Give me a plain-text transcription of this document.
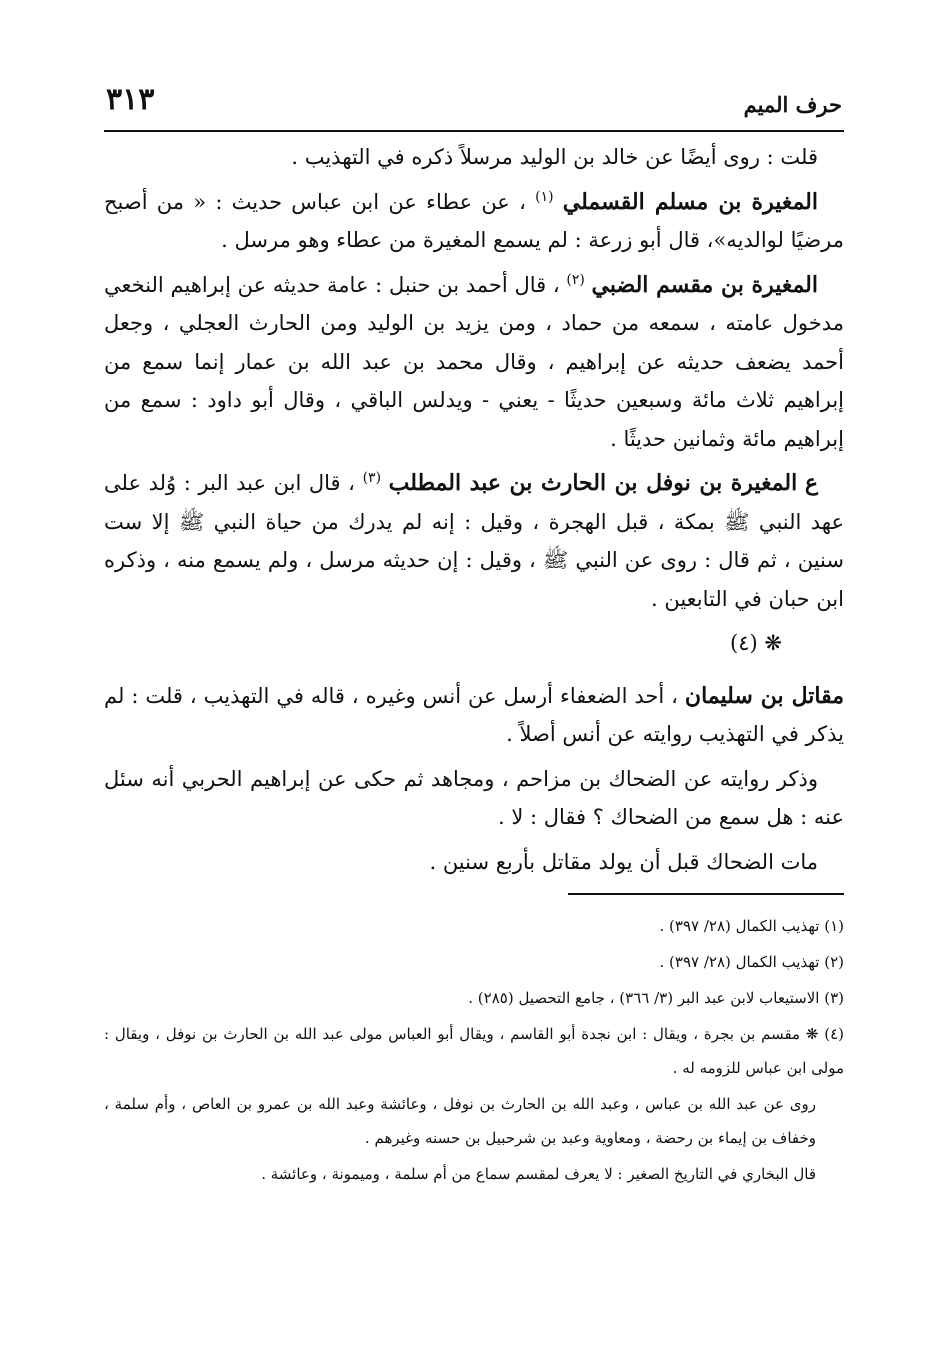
٣١٣	حرف الميم

قلت : روى أيضًا عن خالد بن الوليد مرسلاً ذكره في التهذيب .

المغيرة بن مسلم القسملي $^{(١)}$ ، عن عطاء عن ابن عباس حديث : « من أصبح مرضيًا لوالديه»، قال أبو زرعة : لم يسمع المغيرة من عطاء وهو مرسل .

المغيرة بن مقسم الضبي $^{(٢)}$ ، قال أحمد بن حنبل : عامة حديثه عن إبراهيم النخعي مدخول عامته ، سمعه من حماد ، ومن يزيد بن الوليد ومن الحارث العجلي ، وجعل أحمد يضعف حديثه عن إبراهيم ، وقال محمد بن عبد الله بن عمار إنما سمع من إبراهيم ثلاث مائة وسبعين حديثًا - يعني - ويدلس الباقي ، وقال أبو داود : سمع من إبراهيم مائة وثمانين حديثًا .

ع المغيرة بن نوفل بن الحارث بن عبد المطلب $^{(٣)}$ ، قال ابن عبد البر : وُلد على عهد النبي ﷺ بمكة ، قبل الهجرة ، وقيل : إنه لم يدرك من حياة النبي ﷺ إلا ست سنين ، ثم قال : روى عن النبي ﷺ ، وقيل : إن حديثه مرسل ، ولم يسمع منه ، وذكره ابن حبان في التابعين .

❋ (٤)

مقاتل بن سليمان ، أحد الضعفاء أرسل عن أنس وغيره ، قاله في التهذيب ، قلت : لم يذكر في التهذيب روايته عن أنس أصلاً .

وذكر روايته عن الضحاك بن مزاحم ، ومجاهد ثم حكى عن إبراهيم الحربي أنه سئل عنه : هل سمع من الضحاك ؟ فقال : لا .

مات الضحاك قبل أن يولد مقاتل بأربع سنين .

(١) تهذيب الكمال (٢٨/ ٣٩٧) .

(٢) تهذيب الكمال (٢٨/ ٣٩٧) .

(٣) الاستيعاب لابن عبد البر (٣/ ٣٦٦) ، جامع التحصيل (٢٨٥) .

(٤) ❋ مقسم بن بجرة ، ويقال : ابن نجدة أبو القاسم ، ويقال أبو العباس مولى عبد الله بن الحارث بن نوفل ، ويقال : مولى ابن عباس للزومه له .

روى عن عبد الله بن عباس ، وعبد الله بن الحارث بن نوفل ، وعائشة وعبد الله بن عمرو بن العاص ، وأم سلمة ، وخفاف بن إيماء بن رحضة ، ومعاوية وعبد بن شرحبيل بن حسنه وغيرهم .

قال البخاري في التاريخ الصغير : لا يعرف لمقسم سماع من أم سلمة ، وميمونة ، وعائشة .
